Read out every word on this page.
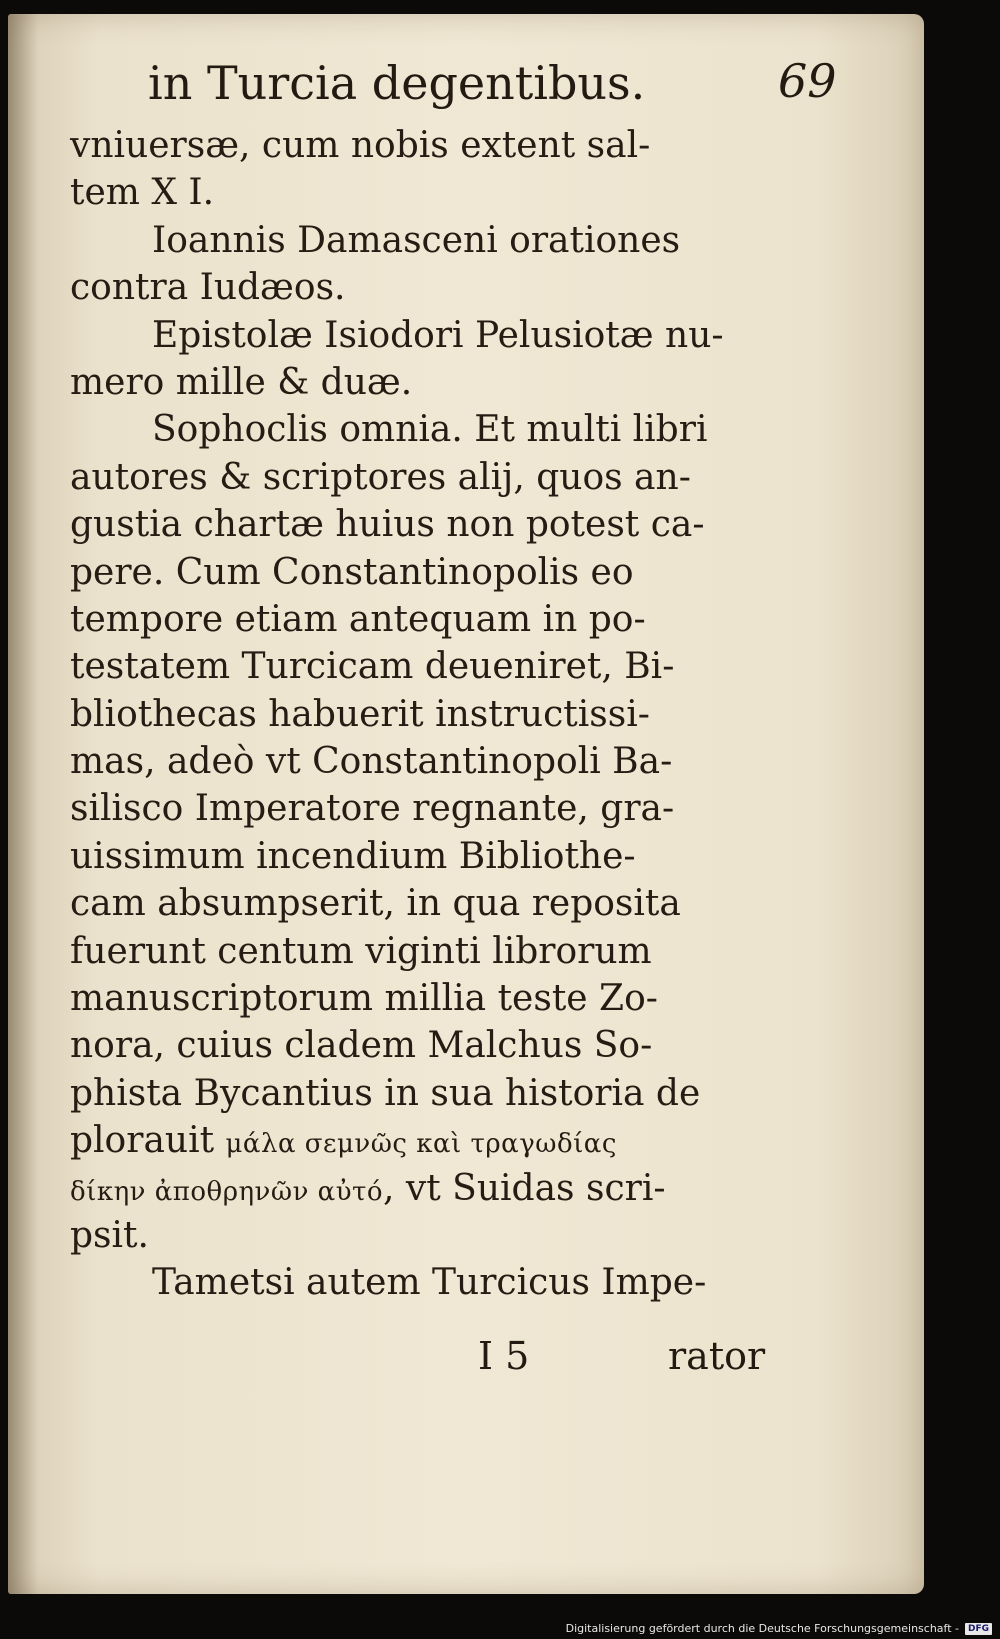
in Turcia degentibus.	69
vniuersæ, cum nobis extent sal-
tem X I.
Ioannis Damasceni orationes
contra Iudæos.
Epistolæ Isiodori Pelusiotæ nu-
mero mille & duæ.
Sophoclis omnia. Et multi libri
autores & scriptores alij, quos an-
gustia chartæ huius non potest ca-
pere. Cum Constantinopolis eo
tempore etiam antequam in po-
testatem Turcicam deueniret, Bi-
bliothecas habuerit instructissi-
mas, adeò vt Constantinopoli Ba-
silisco Imperatore regnante, gra-
uissimum incendium Bibliothe-
cam absumpserit, in qua reposita
fuerunt centum viginti librorum
manuscriptorum millia teste Zo-
nora, cuius cladem Malchus So-
phista Bycantius in sua historia de
plorauit μάλα σεμνῶς καὶ τραγωδίας
δίκην ἀποθρηνῶν αὐτό, vt Suidas scri-
psit.
Tametsi autem Turcicus Impe-
I 5	rator
Digitalisierung gefördert durch die Deutsche Forschungsgemeinschaft -	DFG
